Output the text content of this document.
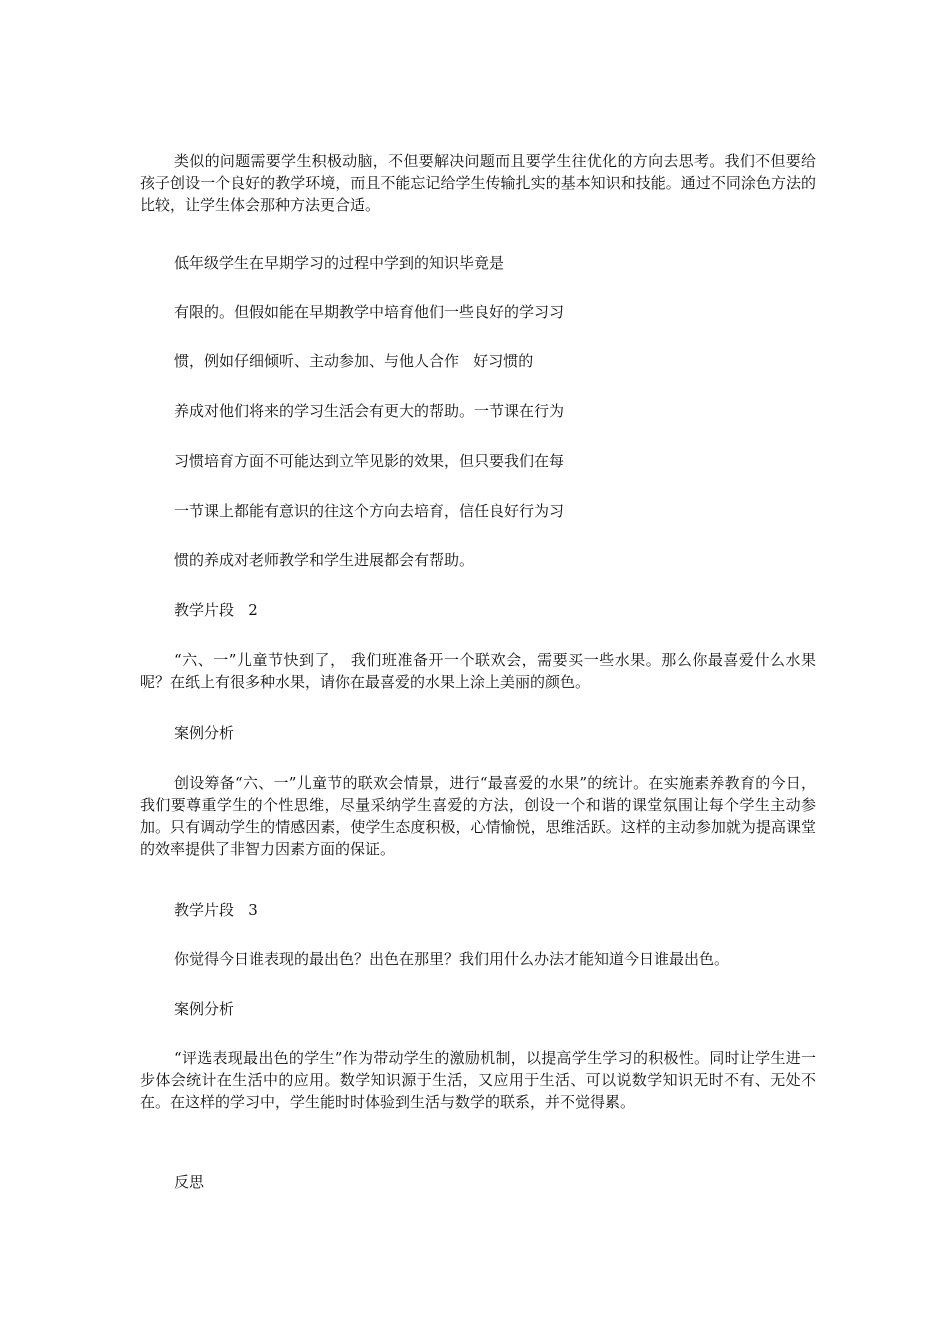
类似的问题需要学生积极动脑，不但要解决问题而且要学生往优化的方向去思考。我们不但要给孩子创设一个良好的教学环境，而且不能忘记给学生传输扎实的基本知识和技能。通过不同涂色方法的比较，让学生体会那种方法更合适。
低年级学生在早期学习的过程中学到的知识毕竟是
有限的。但假如能在早期教学中培育他们一些良好的学习习
惯，例如仔细倾听、主动参加、与他人合作   好习惯的
养成对他们将来的学习生活会有更大的帮助。一节课在行为
习惯培育方面不可能达到立竿见影的效果，但只要我们在每
一节课上都能有意识的往这个方向去培育，信任良好行为习
惯的养成对老师教学和学生进展都会有帮助。
教学片段   2
“六、一”儿童节快到了， 我们班准备开一个联欢会，需要买一些水果。那么你最喜爱什么水果呢？在纸上有很多种水果，请你在最喜爱的水果上涂上美丽的颜色。
案例分析
创设筹备“六、一”儿童节的联欢会情景，进行“最喜爱的水果”的统计。在实施素养教育的今日，我们要尊重学生的个性思维，尽量采纳学生喜爱的方法，创设一个和谐的课堂氛围让每个学生主动参加。只有调动学生的情感因素，使学生态度积极，心情愉悦，思维活跃。这样的主动参加就为提高课堂的效率提供了非智力因素方面的保证。
教学片段   3
你觉得今日谁表现的最出色？出色在那里？我们用什么办法才能知道今日谁最出色。
案例分析
“评选表现最出色的学生”作为带动学生的激励机制，以提高学生学习的积极性。同时让学生进一步体会统计在生活中的应用。数学知识源于生活，又应用于生活、可以说数学知识无时不有、无处不在。在这样的学习中，学生能时时体验到生活与数学的联系，并不觉得累。
反思
